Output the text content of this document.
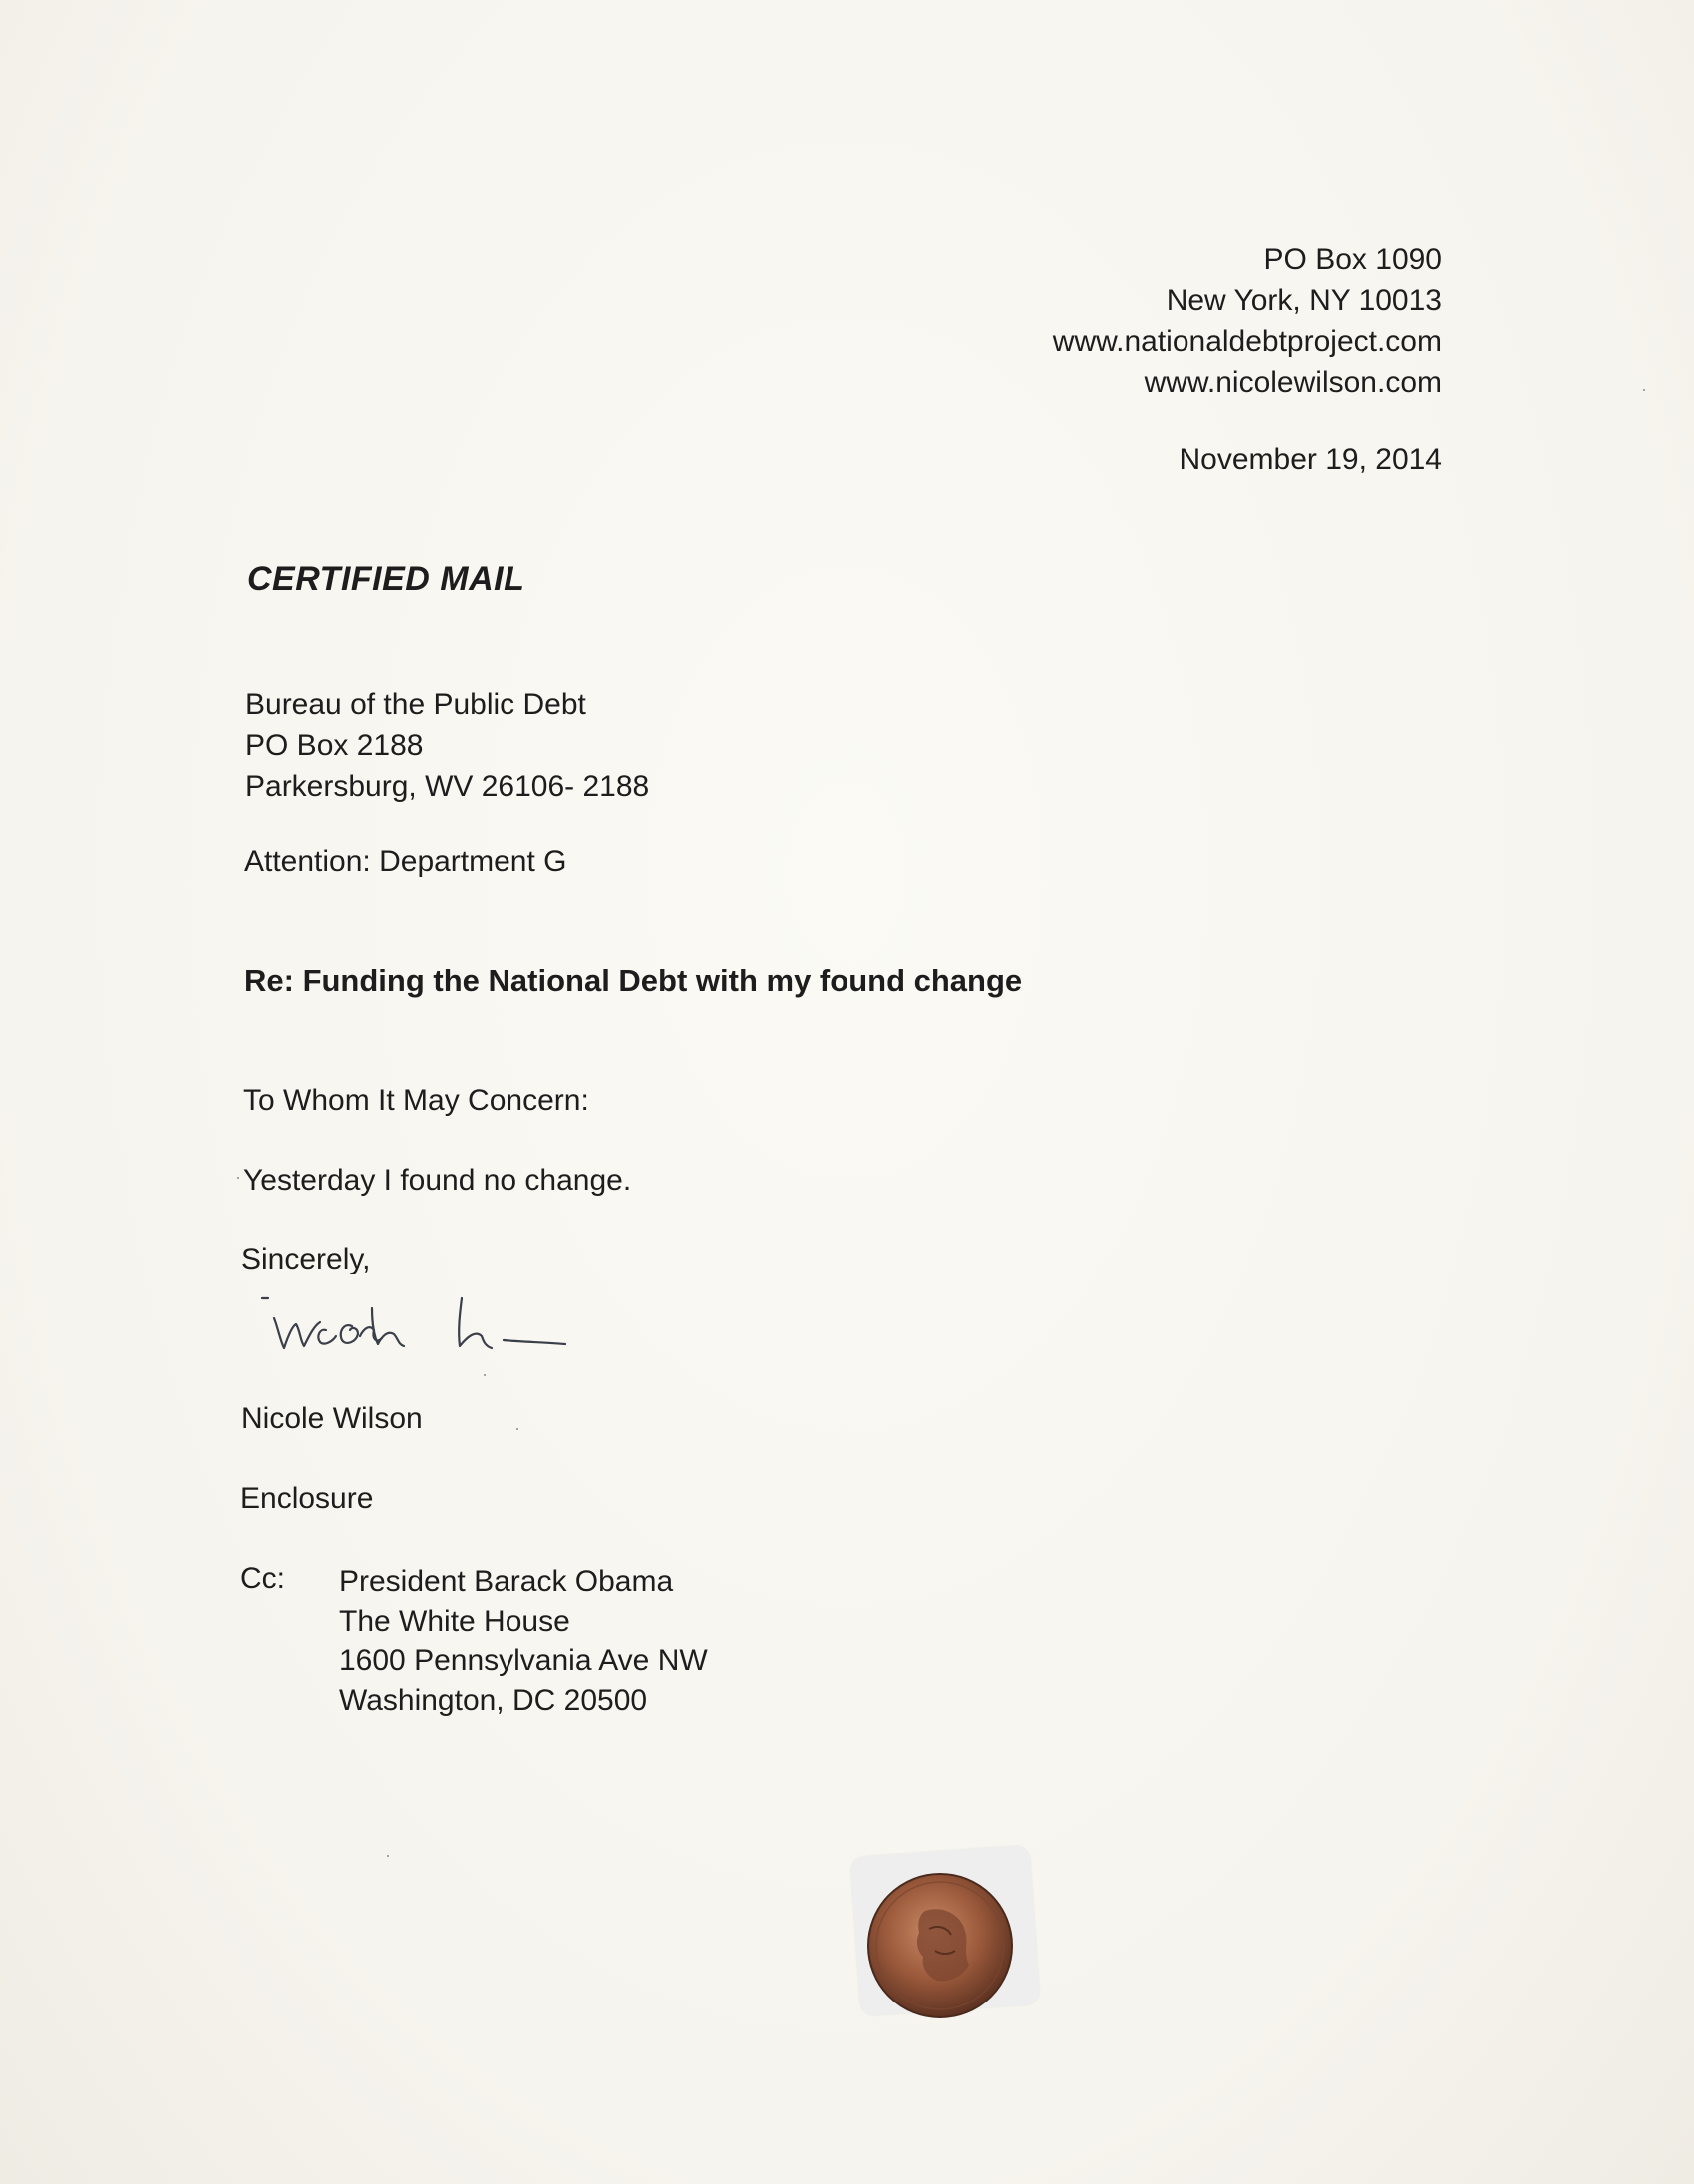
PO Box 1090
New York, NY 10013
www.nationaldebtproject.com
www.nicolewilson.com
November 19, 2014
CERTIFIED MAIL
Bureau of the Public Debt
PO Box 2188
Parkersburg, WV 26106- 2188
Attention: Department G
Re: Funding the National Debt with my found change
To Whom It May Concern:
Yesterday I found no change.
Sincerely,
Nicole Wilson
Enclosure
Cc: President Barack Obama
The White House
1600 Pennsylvania Ave NW
Washington, DC 20500
